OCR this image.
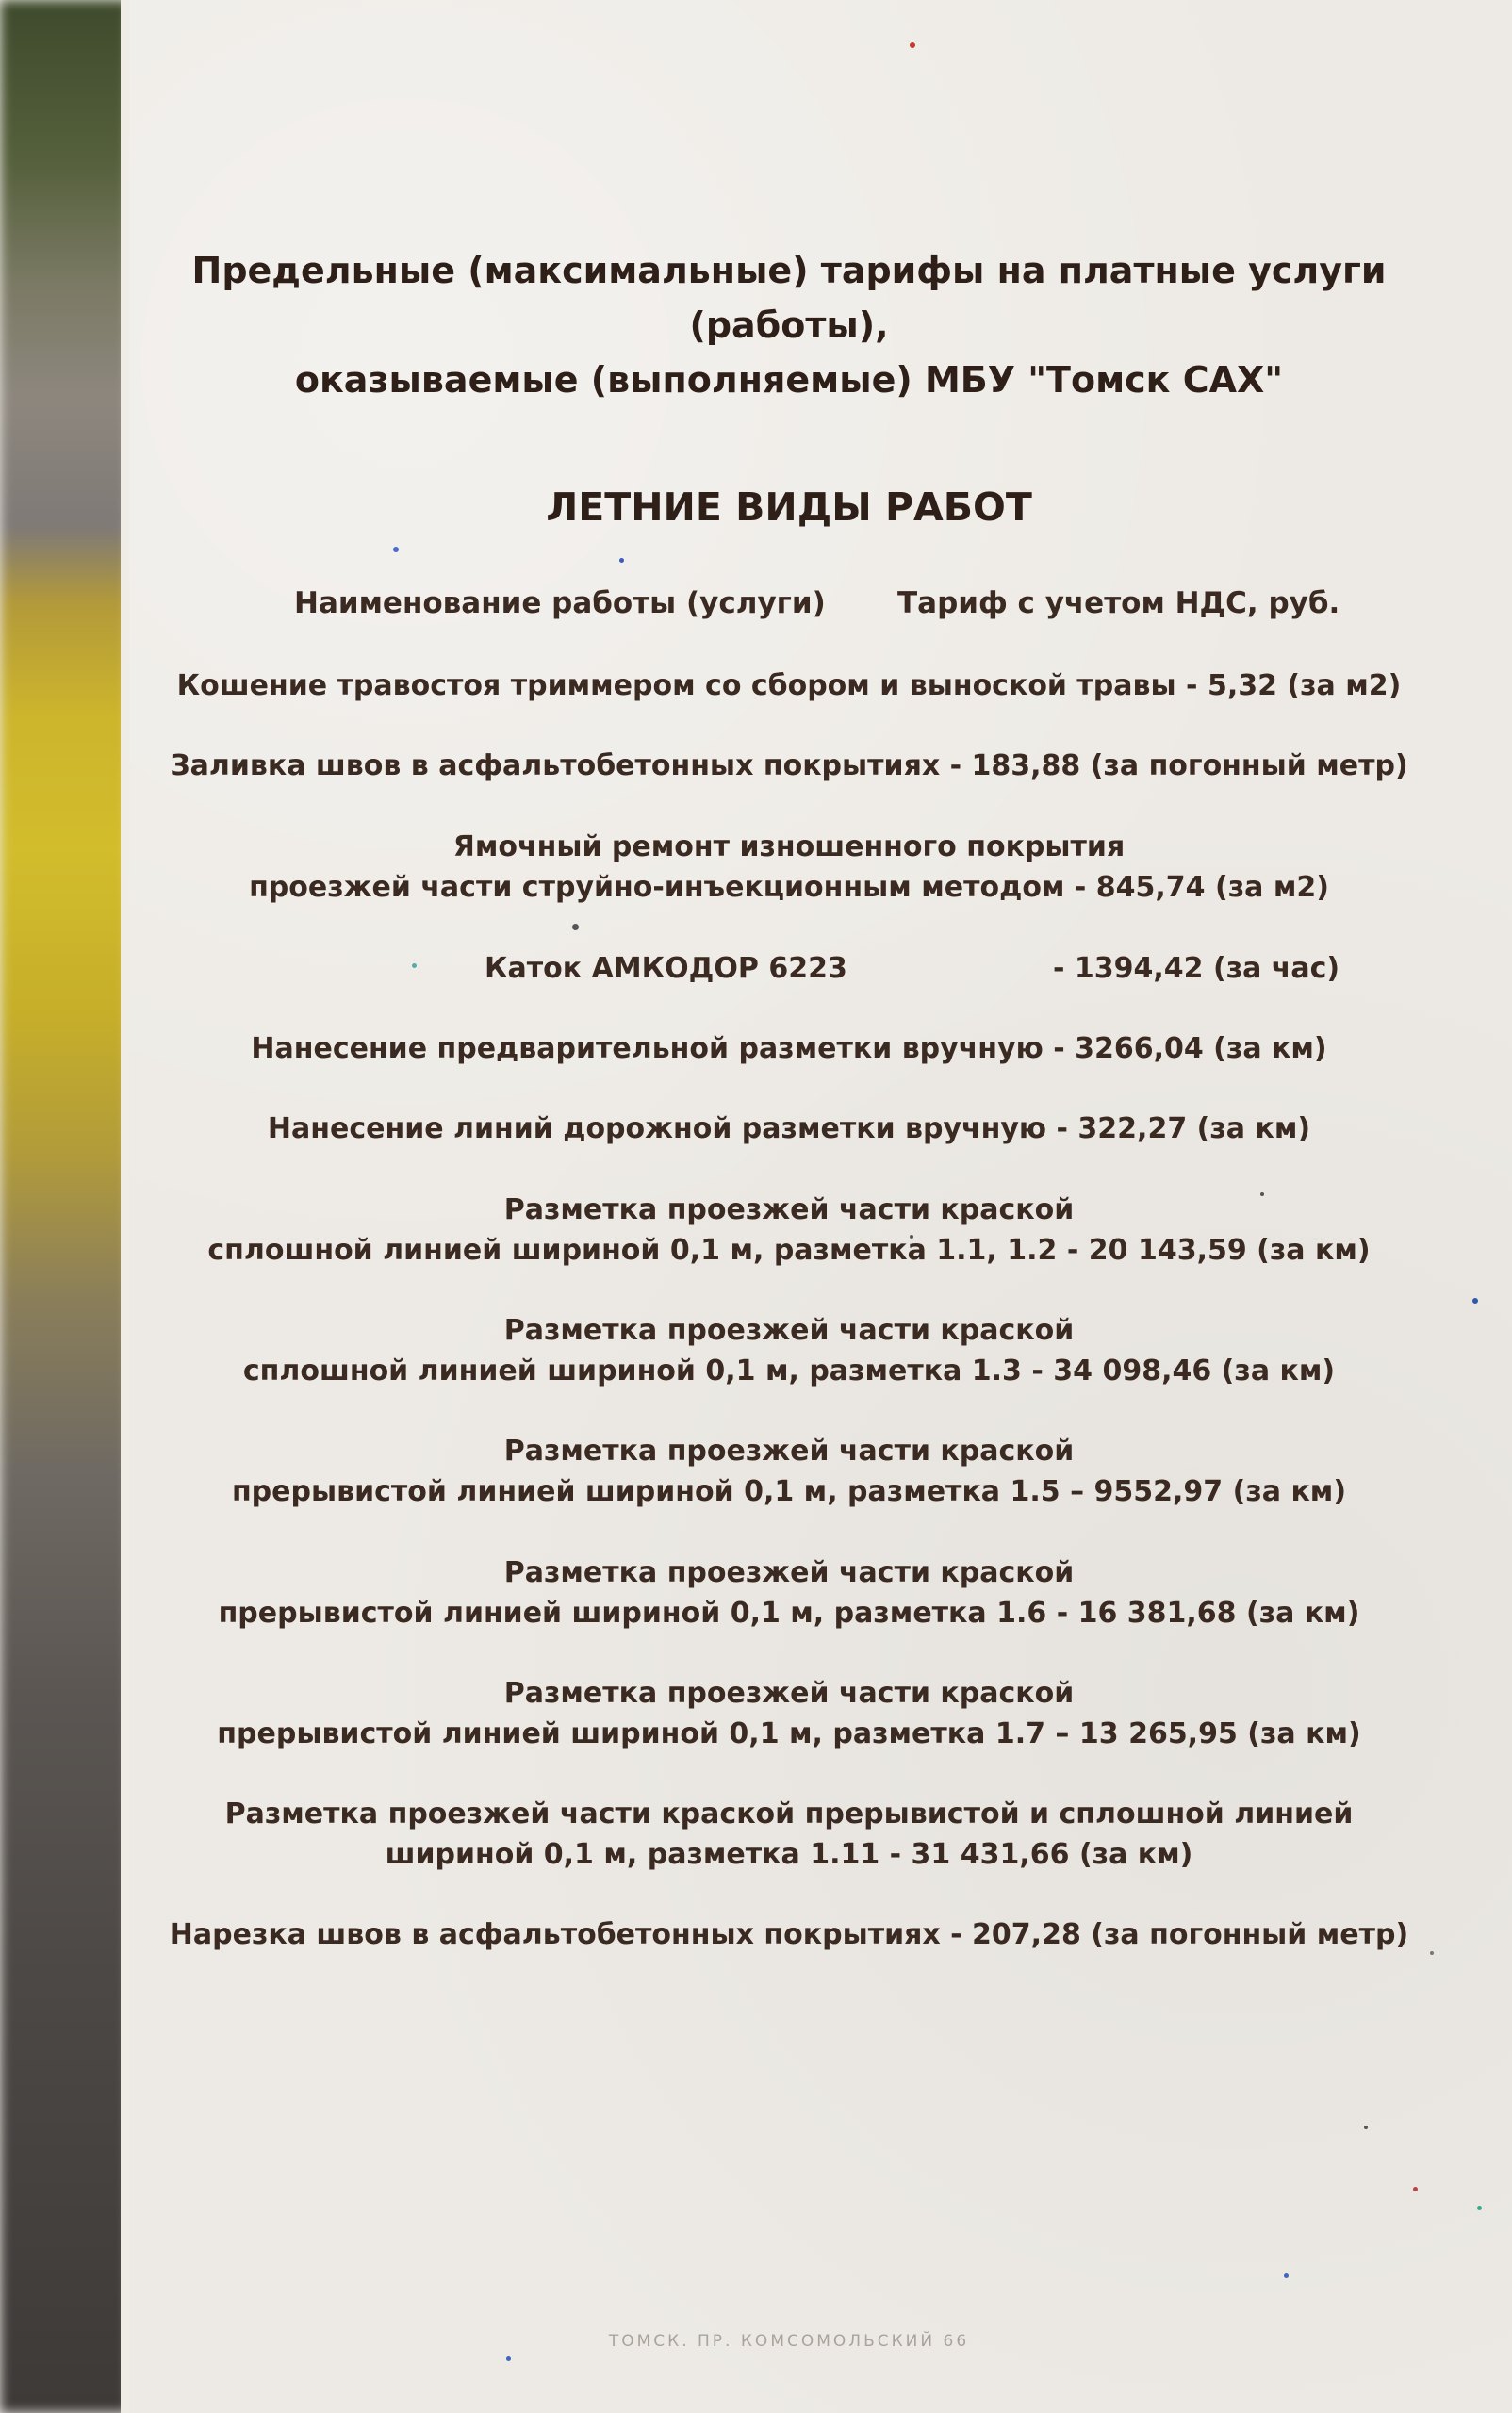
Предельные (максимальные) тарифы на платные услуги (работы),
оказываемые (выполняемые) МБУ "Томск САХ"
ЛЕТНИЕ ВИДЫ РАБОТ
Наименование работы (услуги) Тариф с учетом НДС, руб.
Кошение травостоя триммером со сбором и выноской травы - 5,32 (за м2)
Заливка швов в асфальтобетонных покрытиях - 183,88 (за погонный метр)
Ямочный ремонт изношенного покрытия
проезжей части струйно-инъекционным методом - 845,74 (за м2)
Каток АМКОДОР 6223	- 1394,42 (за час)
Нанесение предварительной разметки вручную - 3266,04 (за км)
Нанесение линий дорожной разметки вручную - 322,27 (за км)
Разметка проезжей части краской
сплошной линией шириной 0,1 м, разметка 1.1, 1.2 - 20 143,59 (за км)
Разметка проезжей части краской
сплошной линией шириной 0,1 м, разметка 1.3 - 34 098,46 (за км)
Разметка проезжей части краской
прерывистой линией шириной 0,1 м, разметка 1.5 – 9552,97 (за км)
Разметка проезжей части краской
прерывистой линией шириной 0,1 м, разметка 1.6 - 16 381,68 (за км)
Разметка проезжей части краской
прерывистой линией шириной 0,1 м, разметка 1.7 – 13 265,95 (за км)
Разметка проезжей части краской прерывистой и сплошной линией
шириной 0,1 м, разметка 1.11 - 31 431,66 (за км)
Нарезка швов в асфальтобетонных покрытиях - 207,28 (за погонный метр)
ТОМСК. ПР. КОМСОМОЛЬСКИЙ 66
